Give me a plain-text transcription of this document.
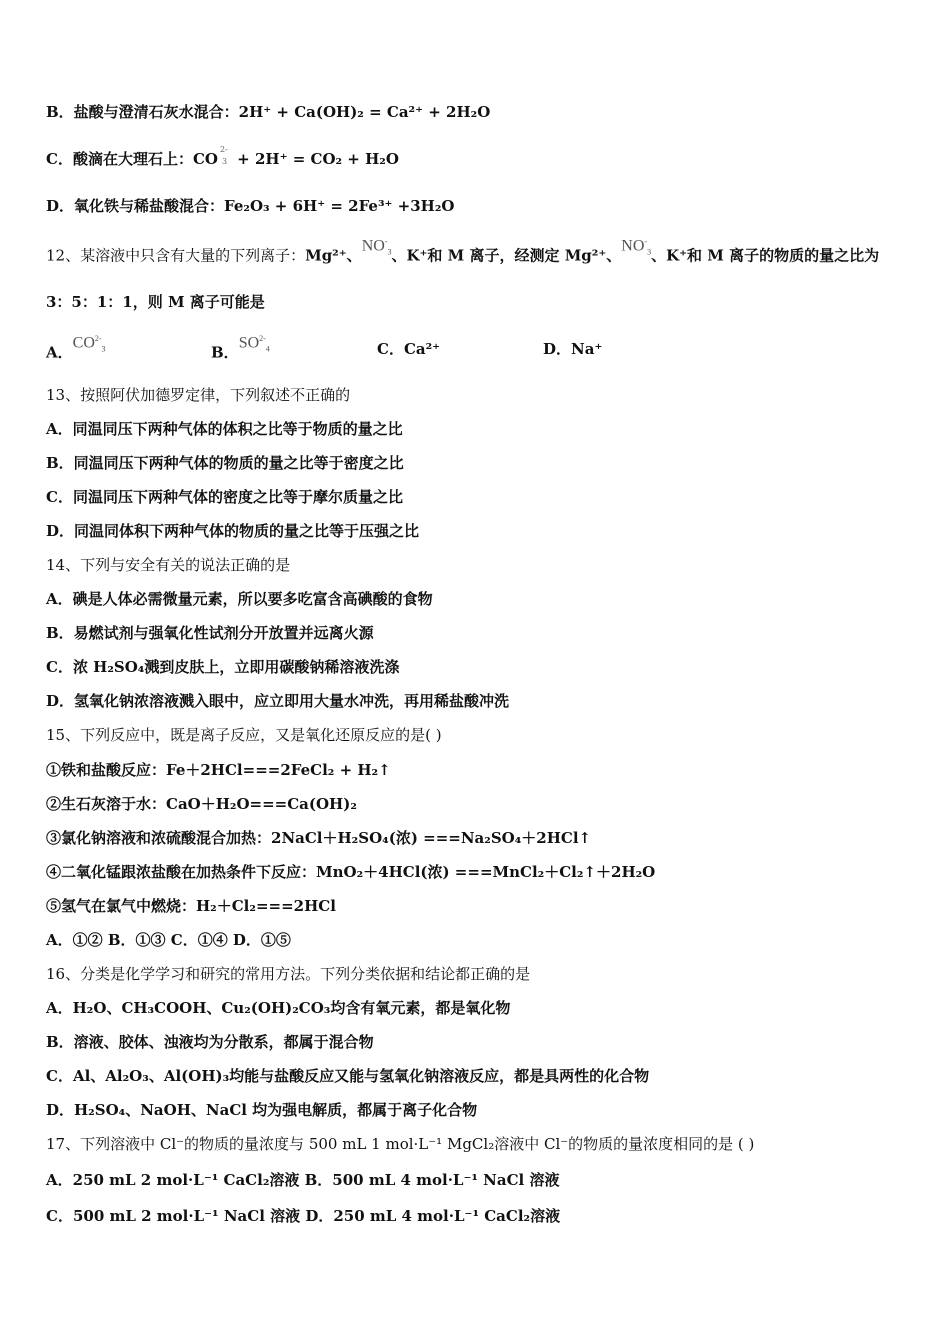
B．盐酸与澄清石灰水混合：2H⁺ + Ca(OH)₂ = Ca²⁺ + 2H₂O
C．酸滴在大理石上：CO
2-
3 + 2H⁺ = CO₂ + H₂O
D．氧化铁与稀盐酸混合：Fe₂O₃ + 6H⁺ = 2Fe³⁺ +3H₂O
12、某溶液中只含有大量的下列离子：Mg²⁺、$NO^-_3$、K⁺和 M 离子，经测定 Mg²⁺、$NO^-_3$、K⁺和 M 离子的物质的量之比为
3：5：1：1，则 M 离子可能是
A．$CO^{2-}_3$	B．$SO^{2-}_4$	C．Ca²⁺	D．Na⁺
13、按照阿伏加德罗定律，下列叙述不正确的
A．同温同压下两种气体的体积之比等于物质的量之比
B．同温同压下两种气体的物质的量之比等于密度之比
C．同温同压下两种气体的密度之比等于摩尔质量之比
D．同温同体积下两种气体的物质的量之比等于压强之比
14、下列与安全有关的说法正确的是
A．碘是人体必需微量元素，所以要多吃富含高碘酸的食物
B．易燃试剂与强氧化性试剂分开放置并远离火源
C．浓 H₂SO₄溅到皮肤上，立即用碳酸钠稀溶液洗涤
D．氢氧化钠浓溶液溅入眼中，应立即用大量水冲洗，再用稀盐酸冲洗
15、下列反应中，既是离子反应，又是氧化还原反应的是( )
①铁和盐酸反应：Fe＋2HCl===2FeCl₂ + H₂↑
②生石灰溶于水：CaO＋H₂O===Ca(OH)₂
③氯化钠溶液和浓硫酸混合加热：2NaCl＋H₂SO₄(浓) ===Na₂SO₄＋2HCl↑
④二氧化锰跟浓盐酸在加热条件下反应：MnO₂＋4HCl(浓) ===MnCl₂＋Cl₂↑＋2H₂O
⑤氢气在氯气中燃烧：H₂＋Cl₂===2HCl
A．①② B．①③ C．①④ D．①⑤
16、分类是化学学习和研究的常用方法。下列分类依据和结论都正确的是
A．H₂O、CH₃COOH、Cu₂(OH)₂CO₃均含有氧元素，都是氧化物
B．溶液、胶体、浊液均为分散系，都属于混合物
C．Al、Al₂O₃、Al(OH)₃均能与盐酸反应又能与氢氧化钠溶液反应，都是具两性的化合物
D．H₂SO₄、NaOH、NaCl 均为强电解质，都属于离子化合物
17、下列溶液中 Cl⁻的物质的量浓度与 500 mL 1 mol·L⁻¹ MgCl₂溶液中 Cl⁻的物质的量浓度相同的是 ( )
A．250 mL 2 mol·L⁻¹ CaCl₂溶液 B．500 mL 4 mol·L⁻¹ NaCl 溶液
C．500 mL 2 mol·L⁻¹ NaCl 溶液 D．250 mL 4 mol·L⁻¹ CaCl₂溶液
